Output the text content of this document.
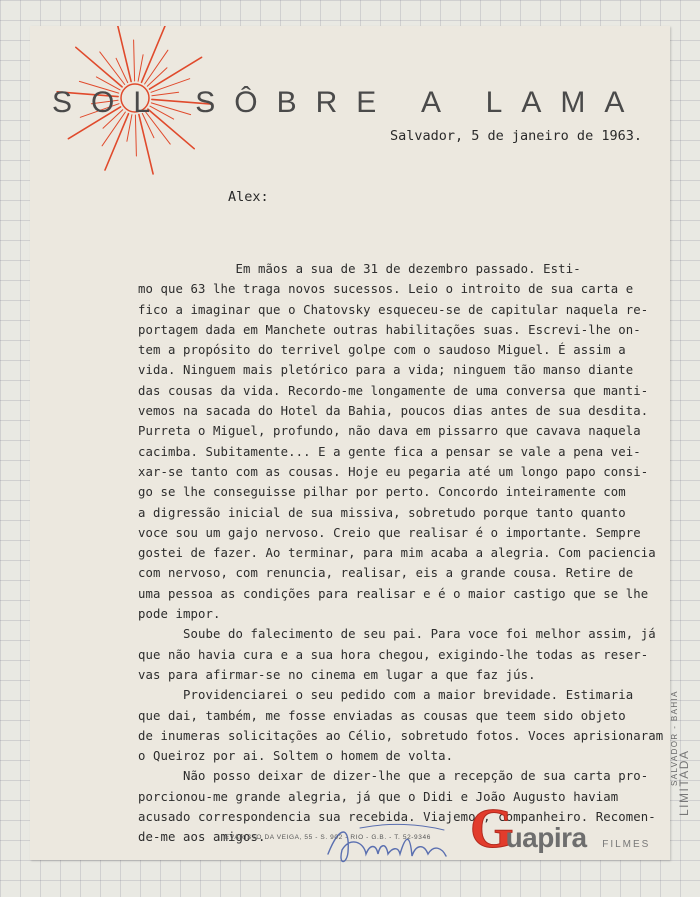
SOL SÔBRE A LAMA
Salvador, 5 de janeiro de 1963.
Alex:
Em mãos a sua de 31 de dezembro passado. Esti-
mo que 63 lhe traga novos sucessos. Leio o introito de sua carta e
fico a imaginar que o Chatovsky esqueceu-se de capitular naquela re-
portagem dada em Manchete outras habilitações suas. Escrevi-lhe on-
tem a propósito do terrivel golpe com o saudoso Miguel. É assim a
vida. Ninguem mais pletórico para a vida; ninguem tão manso diante
das cousas da vida. Recordo-me longamente de uma conversa que manti-
vemos na sacada do Hotel da Bahia, poucos dias antes de sua desdita.
Purreta o Miguel, profundo, não dava em pissarro que cavava naquela
cacimba. Subitamente... E a gente fica a pensar se vale a pena vei-
xar-se tanto com as cousas. Hoje eu pegaria até um longo papo consi-
go se lhe conseguisse pilhar por perto. Concordo inteiramente com
a digressão inicial de sua missiva, sobretudo porque tanto quanto
voce sou um gajo nervoso. Creio que realisar é o importante. Sempre
gostei de fazer. Ao terminar, para mim acaba a alegria. Com paciencia
com nervoso, com renuncia, realisar, eis a grande cousa. Retire de
uma pessoa as condições para realisar e é o maior castigo que se lhe
pode impor.
Soube do falecimento de seu pai. Para voce foi melhor assim, já
que não havia cura e a sua hora chegou, exigindo-lhe todas as reser-
vas para afirmar-se no cinema em lugar a que faz jús.
Providenciarei o seu pedido com a maior brevidade. Estimaria
que dai, também, me fosse enviadas as cousas que teem sido objeto
de inumeras solicitações ao Célio, sobretudo fotos. Voces aprisionaram
o Queiroz por ai. Soltem o homem de volta.
Não posso deixar de dizer-lhe que a recepção de sua carta pro-
porcionou-me grande alegria, já que o Didi e João Augusto haviam
acusado correspondencia sua recebida. Viajemos, companheiro. Recomen-
de-me aos amigos.
EVARISTO DA VEIGA, 55 - S. 902 - RIO - G.B. - T. 52-9346 Guapira FILMES
SALVADOR - BAHIA
LIMITADA
